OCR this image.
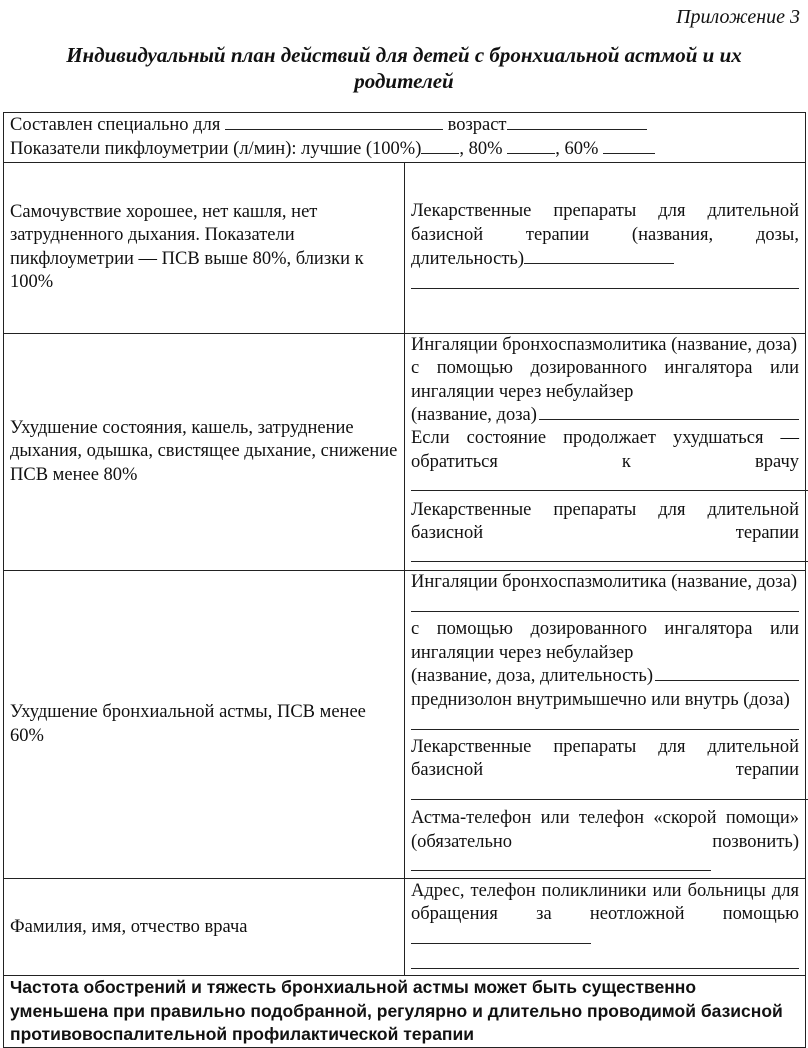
Приложение 3
Индивидуальный план действий для детей с бронхиальной астмой и их
родителей
Составлен специально для возраст
Показатели пикфлоуметрии (л/мин): лучшие (100%) , 80% , 60%	

Самочувствие хорошее, нет кашля, нет затрудненного дыхания. Показатели пикфлоуметрии — ПСВ выше 80%, близки к 100%	Лекарственные препараты для длительной базисной терапии (названия, дозы, длительность)

Ухудшение состояния, кашель, затруднение дыхания, одышка, свистящее дыхание, снижение ПСВ менее 80%	Ингаляции бронхоспазмолитика (название, доза)
с помощью дозированного ингалятора или ингаляции через небулайзер
(название, доза)
Если состояние продолжает ухудшаться — обратиться к врачу Лекарственные препараты для длительной базисной терапии
Ухудшение бронхиальной астмы, ПСВ менее 60%	Ингаляции бронхоспазмолитика (название, доза)
с помощью дозированного ингалятора или ингаляции через небулайзер
(название, доза, длительность)
преднизолон внутримышечно или внутрь (доза)
Лекарственные препараты для длительной базисной терапии Астма-телефон или телефон «скорой помощи» (обязательно позвонить)
Фамилия, имя, отчество врача	Адрес, телефон поликлиники или больницы для обращения за неотложной помощью

Частота обострений и тяжесть бронхиальной астмы может быть существенно уменьшена при правильно подобранной, регулярно и длительно проводимой базисной противовоспалительной профилактической терапии	
